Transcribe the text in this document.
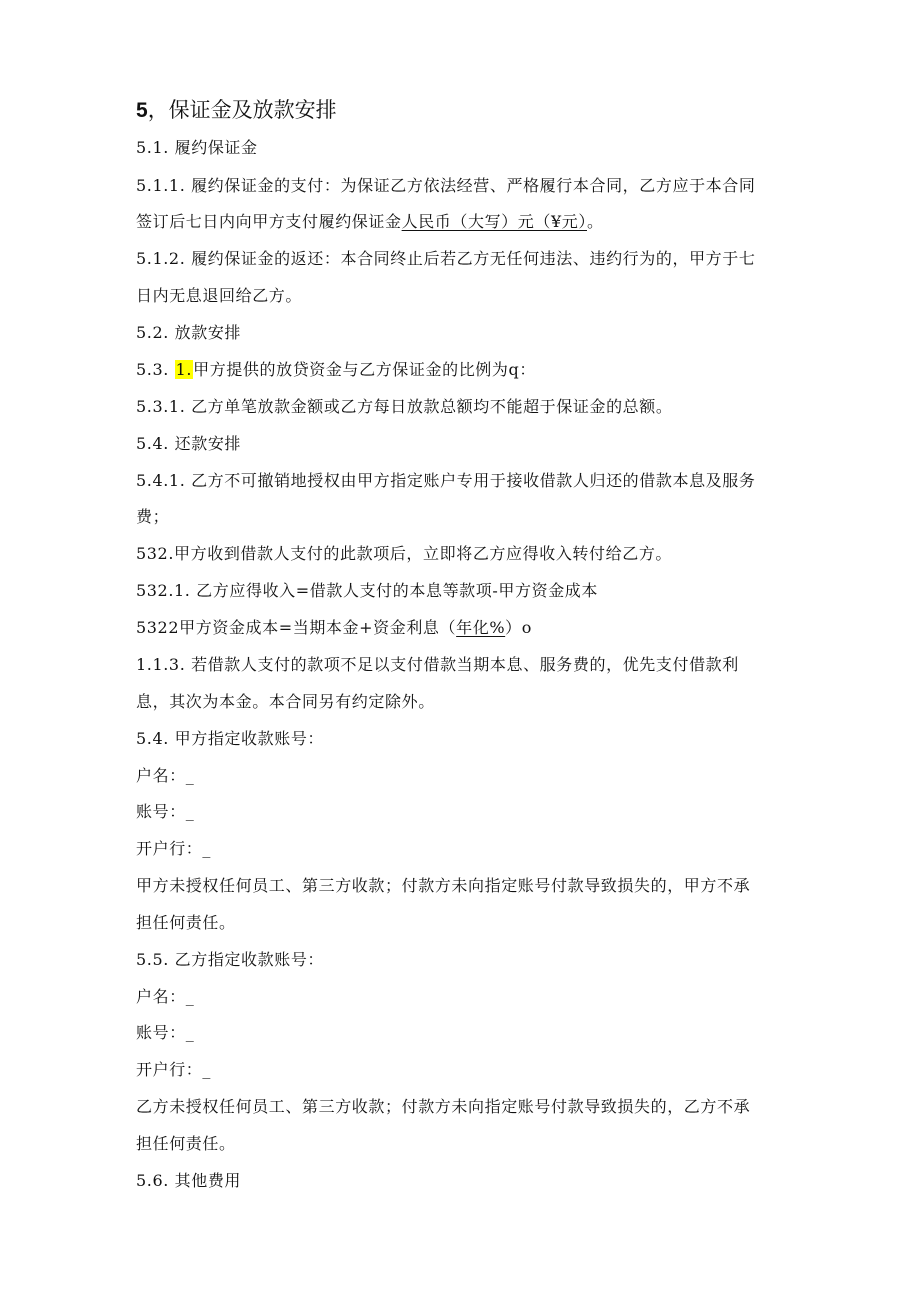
5，保证金及放款安排
5.1. 履约保证金
5.1.1. 履约保证金的支付：为保证乙方依法经营、严格履行本合同，乙方应于本合同
签订后七日内向甲方支付履约保证金人民币（大写）元（¥元）。
5.1.2. 履约保证金的返还：本合同终止后若乙方无任何违法、违约行为的，甲方于七
日内无息退回给乙方。
5.2. 放款安排
5.3. 1.甲方提供的放贷资金与乙方保证金的比例为q：
5.3.1. 乙方单笔放款金额或乙方每日放款总额均不能超于保证金的总额。
5.4. 还款安排
5.4.1. 乙方不可撤销地授权由甲方指定账户专用于接收借款人归还的借款本息及服务
费；
532.甲方收到借款人支付的此款项后，立即将乙方应得收入转付给乙方。
532.1. 乙方应得收入=借款人支付的本息等款项-甲方资金成本
5322甲方资金成本=当期本金+资金利息（年化%）o
1.1.3. 若借款人支付的款项不足以支付借款当期本息、服务费的，优先支付借款利
息，其次为本金。本合同另有约定除外。
5.4. 甲方指定收款账号：
户名：_
账号：_
开户行：_
甲方未授权任何员工、第三方收款；付款方未向指定账号付款导致损失的，甲方不承
担任何责任。
5.5. 乙方指定收款账号：
户名：_
账号：_
开户行：_
乙方未授权任何员工、第三方收款；付款方未向指定账号付款导致损失的，乙方不承
担任何责任。
5.6. 其他费用
